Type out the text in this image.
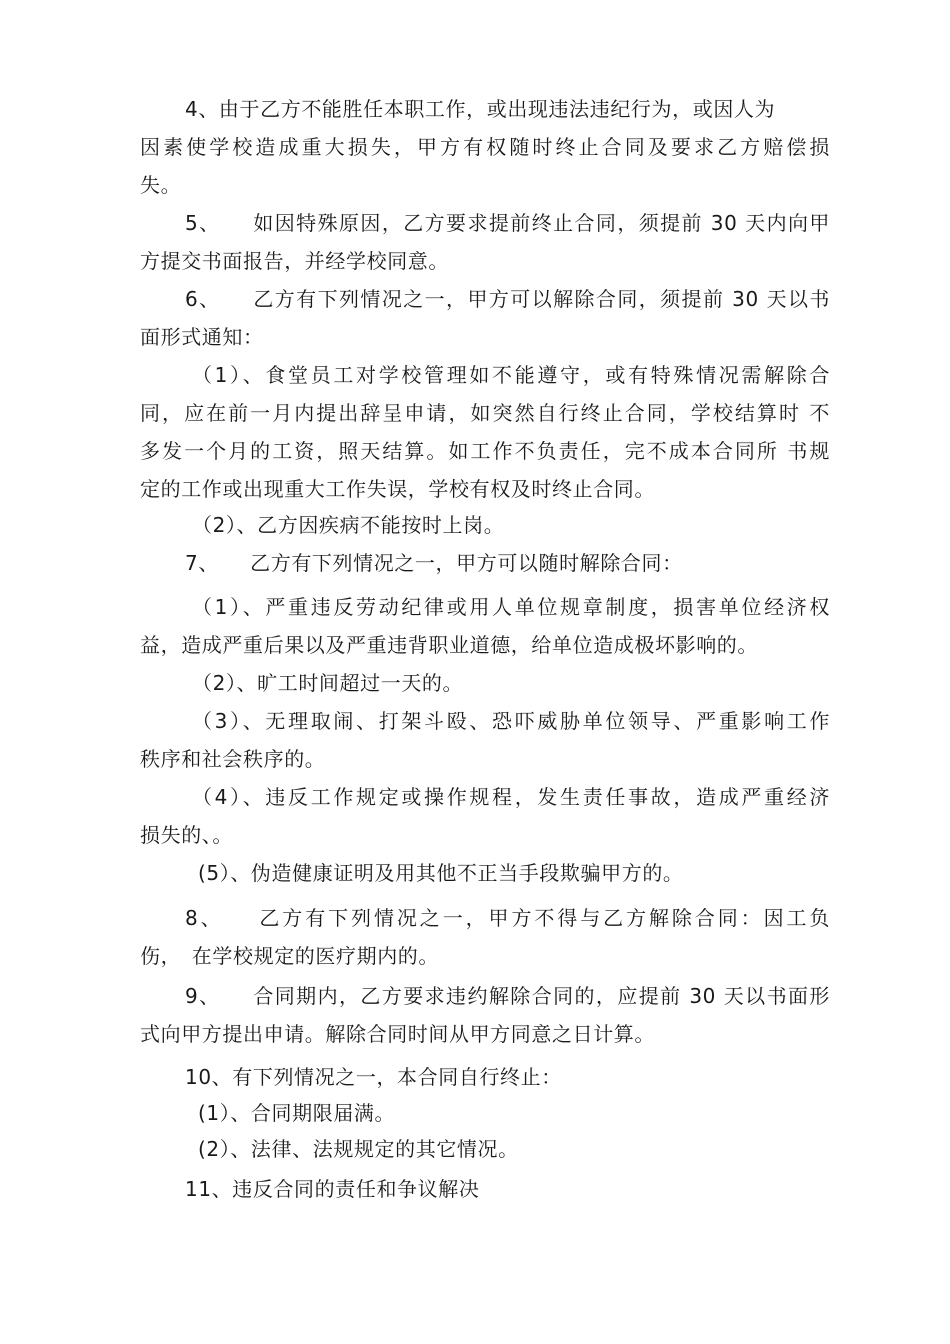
4、由于乙方不能胜任本职工作，或出现违法违纪行为，或因人为
因素使学校造成重大损失，甲方有权随时终止合同及要求乙方赔偿损
失。
5、　　如因特殊原因，乙方要求提前终止合同，须提前 30 天内向甲
方提交书面报告，并经学校同意。
6、　　乙方有下列情况之一，甲方可以解除合同，须提前 30 天以书
面形式通知：
（1）、食堂员工对学校管理如不能遵守，或有特殊情况需解除合
同，应在前一月内提出辞呈申请，如突然自行终止合同，学校结算时 不
多发一个月的工资，照天结算。如工作不负责任，完不成本合同所 书规
定的工作或出现重大工作失误，学校有权及时终止合同。
（2）、乙方因疾病不能按时上岗。
7、　　乙方有下列情况之一，甲方可以随时解除合同：
（1）、严重违反劳动纪律或用人单位规章制度，损害单位经济权
益，造成严重后果以及严重违背职业道德，给单位造成极坏影响的。
（2）、旷工时间超过一天的。
（3）、无理取闹、打架斗殴、恐吓威胁单位领导、严重影响工作
秩序和社会秩序的。
（4）、违反工作规定或操作规程，发生责任事故，造成严重经济
损失的、。
(5）、伪造健康证明及用其他不正当手段欺骗甲方的。
8、　　乙方有下列情况之一，甲方不得与乙方解除合同：因工负
伤，　在学校规定的医疗期内的。
9、　　合同期内，乙方要求违约解除合同的，应提前 30 天以书面形
式向甲方提出申请。解除合同时间从甲方同意之日计算。
10、有下列情况之一，本合同自行终止：
(1）、合同期限届满。
(2）、法律、法规规定的其它情况。
11、违反合同的责任和争议解决
